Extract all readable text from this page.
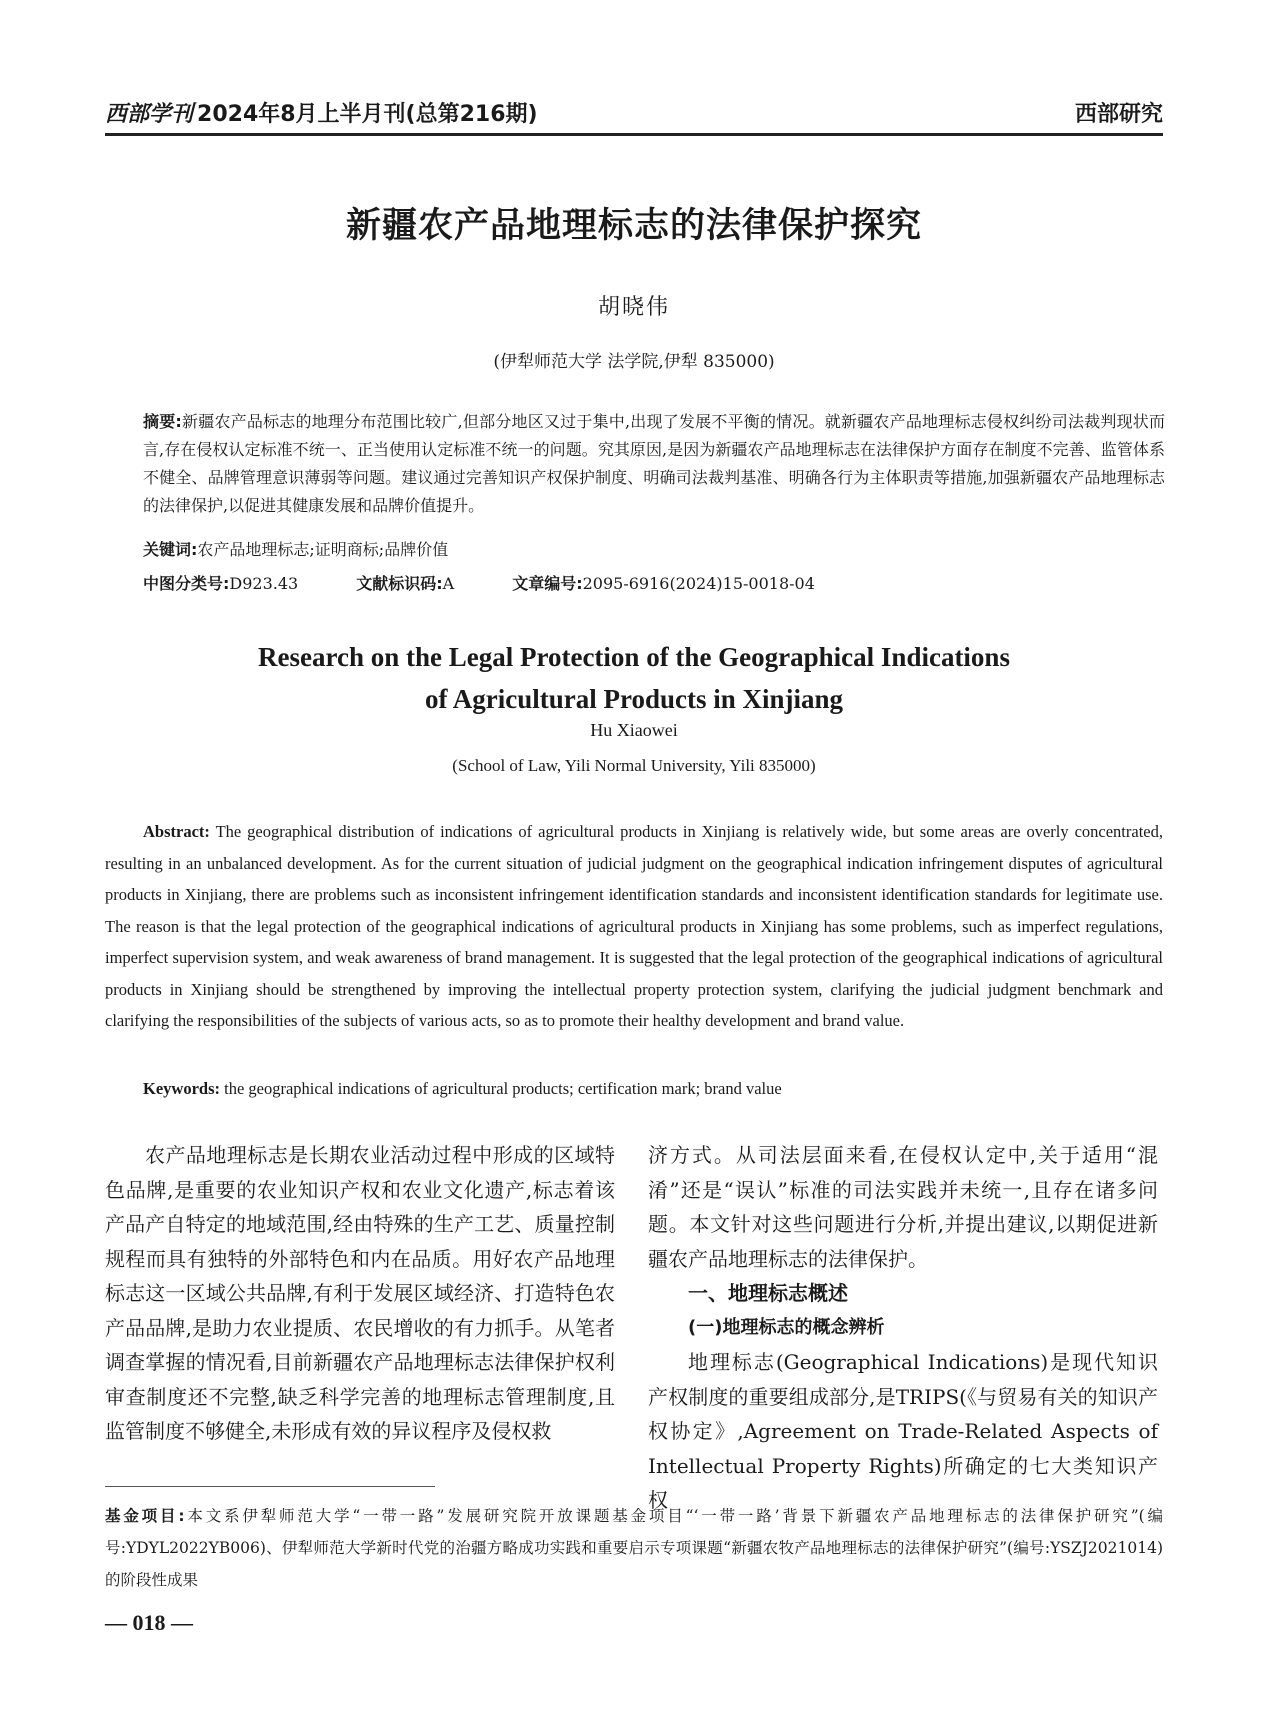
西部学刊 2024年8月上半月刊(总第216期)	西部研究
新疆农产品地理标志的法律保护探究
胡晓伟
(伊犁师范大学 法学院,伊犁 835000)
摘要:新疆农产品标志的地理分布范围比较广,但部分地区又过于集中,出现了发展不平衡的情况。就新疆农产品地理标志侵权纠纷司法裁判现状而言,存在侵权认定标准不统一、正当使用认定标准不统一的问题。究其原因,是因为新疆农产品地理标志在法律保护方面存在制度不完善、监管体系不健全、品牌管理意识薄弱等问题。建议通过完善知识产权保护制度、明确司法裁判基准、明确各行为主体职责等措施,加强新疆农产品地理标志的法律保护,以促进其健康发展和品牌价值提升。
关键词:农产品地理标志;证明商标;品牌价值
中图分类号:D923.43	文献标识码:A	文章编号:2095-6916(2024)15-0018-04
Research on the Legal Protection of the Geographical Indications
of Agricultural Products in Xinjiang
Hu Xiaowei
(School of Law, Yili Normal University, Yili 835000)
Abstract: The geographical distribution of indications of agricultural products in Xinjiang is relatively wide, but some areas are overly concentrated, resulting in an unbalanced development. As for the current situation of judicial judgment on the geographical indication infringement disputes of agricultural products in Xinjiang, there are problems such as inconsistent infringement identification standards and inconsistent identification standards for legitimate use. The reason is that the legal protection of the geographical indications of agricultural products in Xinjiang has some problems, such as imperfect regulations, imperfect supervision system, and weak awareness of brand management. It is suggested that the legal protection of the geographical indications of agricultural products in Xinjiang should be strengthened by improving the intellectual property protection system, clarifying the judicial judgment benchmark and clarifying the responsibilities of the subjects of various acts, so as to promote their healthy development and brand value.
Keywords: the geographical indications of agricultural products; certification mark; brand value

农产品地理标志是长期农业活动过程中形成的区域特色品牌,是重要的农业知识产权和农业文化遗产,标志着该产品产自特定的地域范围,经由特殊的生产工艺、质量控制规程而具有独特的外部特色和内在品质。用好农产品地理标志这一区域公共品牌,有利于发展区域经济、打造特色农产品品牌,是助力农业提质、农民增收的有力抓手。从笔者调查掌握的情况看,目前新疆农产品地理标志法律保护权利审查制度还不完整,缺乏科学完善的地理标志管理制度,且监管制度不够健全,未形成有效的异议程序及侵权救

济方式。从司法层面来看,在侵权认定中,关于适用“混淆”还是“误认”标准的司法实践并未统一,且存在诸多问题。本文针对这些问题进行分析,并提出建议,以期促进新疆农产品地理标志的法律保护。

一、地理标志概述

(一)地理标志的概念辨析

地理标志(Geographical Indications)是现代知识产权制度的重要组成部分,是TRIPS(《与贸易有关的知识产权协定》,Agreement on Trade-Related Aspects of Intellectual Property Rights)所确定的七大类知识产权

基金项目:本文系伊犁师范大学“一带一路”发展研究院开放课题基金项目“‘一带一路’背景下新疆农产品地理标志的法律保护研究”(编号:YDYL2022YB006)、伊犁师范大学新时代党的治疆方略成功实践和重要启示专项课题“新疆农牧产品地理标志的法律保护研究”(编号:YSZJ2021014)的阶段性成果
— 018 —
